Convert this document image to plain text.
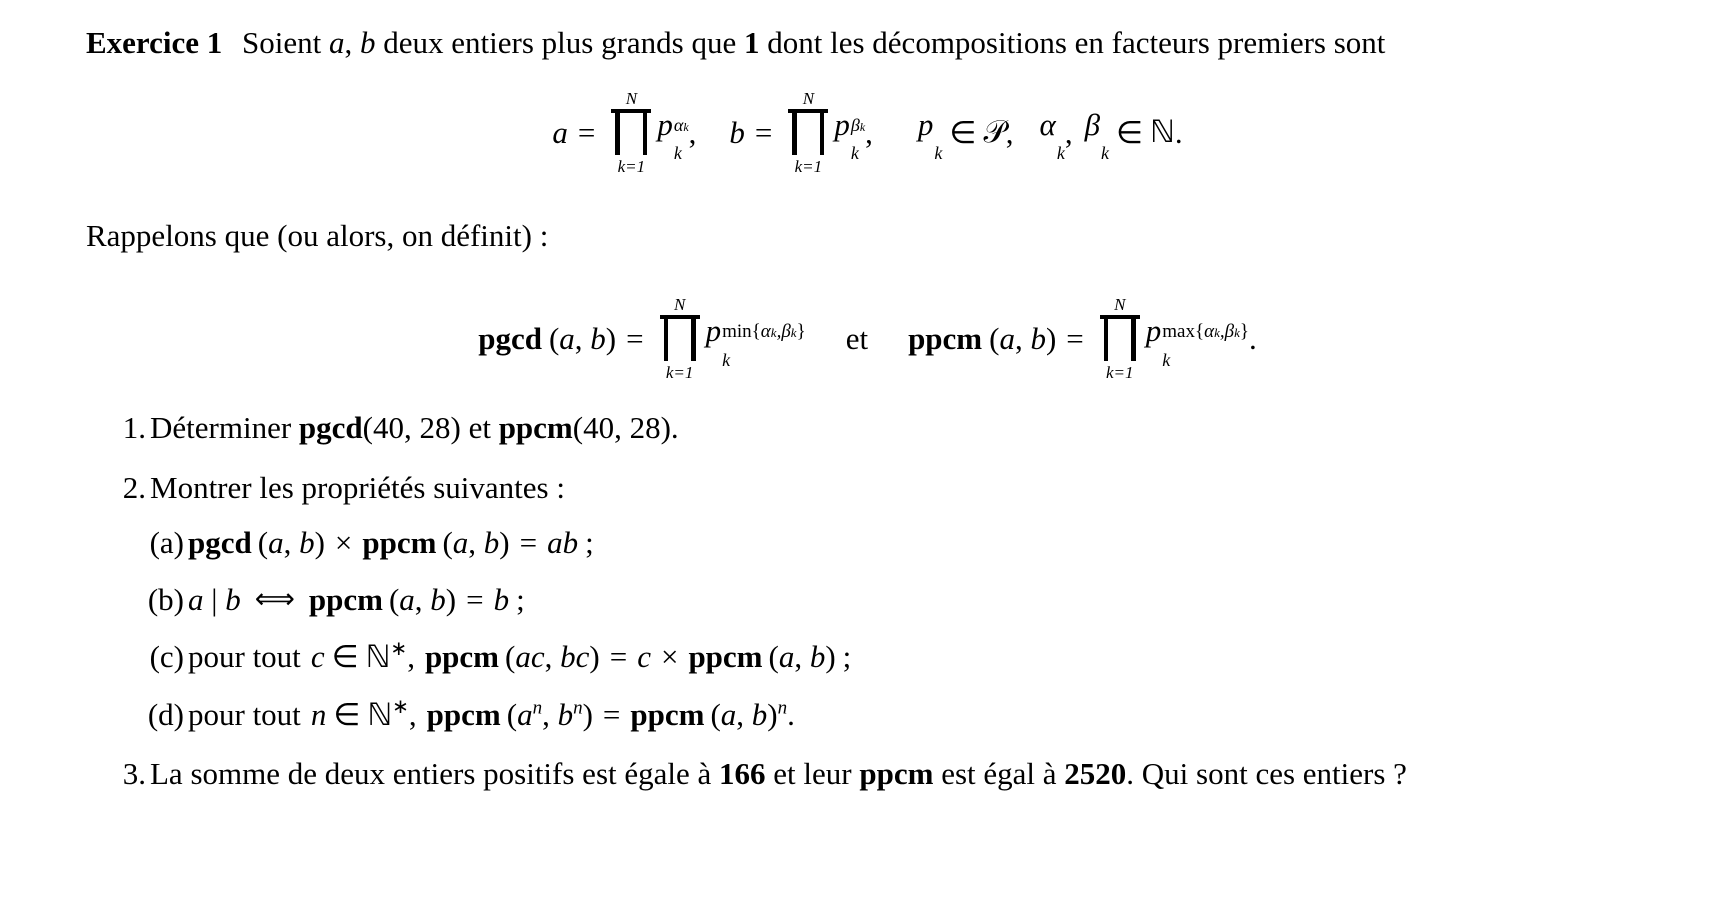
Exercice 1 Soient a, b deux entiers plus grands que 1 dont les décompositions en facteurs premiers sont

a =
N
k=1
p αk
k
, b =
N
k=1
p βk
k
, p

k
∈ 𝒫 , α

k
, β

k
∈ ℕ .

Rappelons que (ou alors, on définit) :

pgcd (a, b) =
N
k=1
p min{αk,βk}
k
et ppcm (a, b) =
N
k=1
p max{αk,βk}
k
.
1. Déterminer pgcd(40, 28) et ppcm(40, 28).
2. Montrer les propriétés suivantes :
(a) pgcd (a, b) × ppcm (a, b) = ab ;
(b) a | b ⟺ ppcm (a, b) = b ;
(c) pour tout c ∈ ℕ ∗ , ppcm (ac, bc) = c × ppcm (a, b) ;
(d) pour tout n ∈ ℕ ∗ , ppcm ($a^n$, $b^n$) = ppcm (a, b)$^n$ .
3. La somme de deux entiers positifs est égale à 166 et leur ppcm est égal à 2520. Qui sont ces entiers ?
